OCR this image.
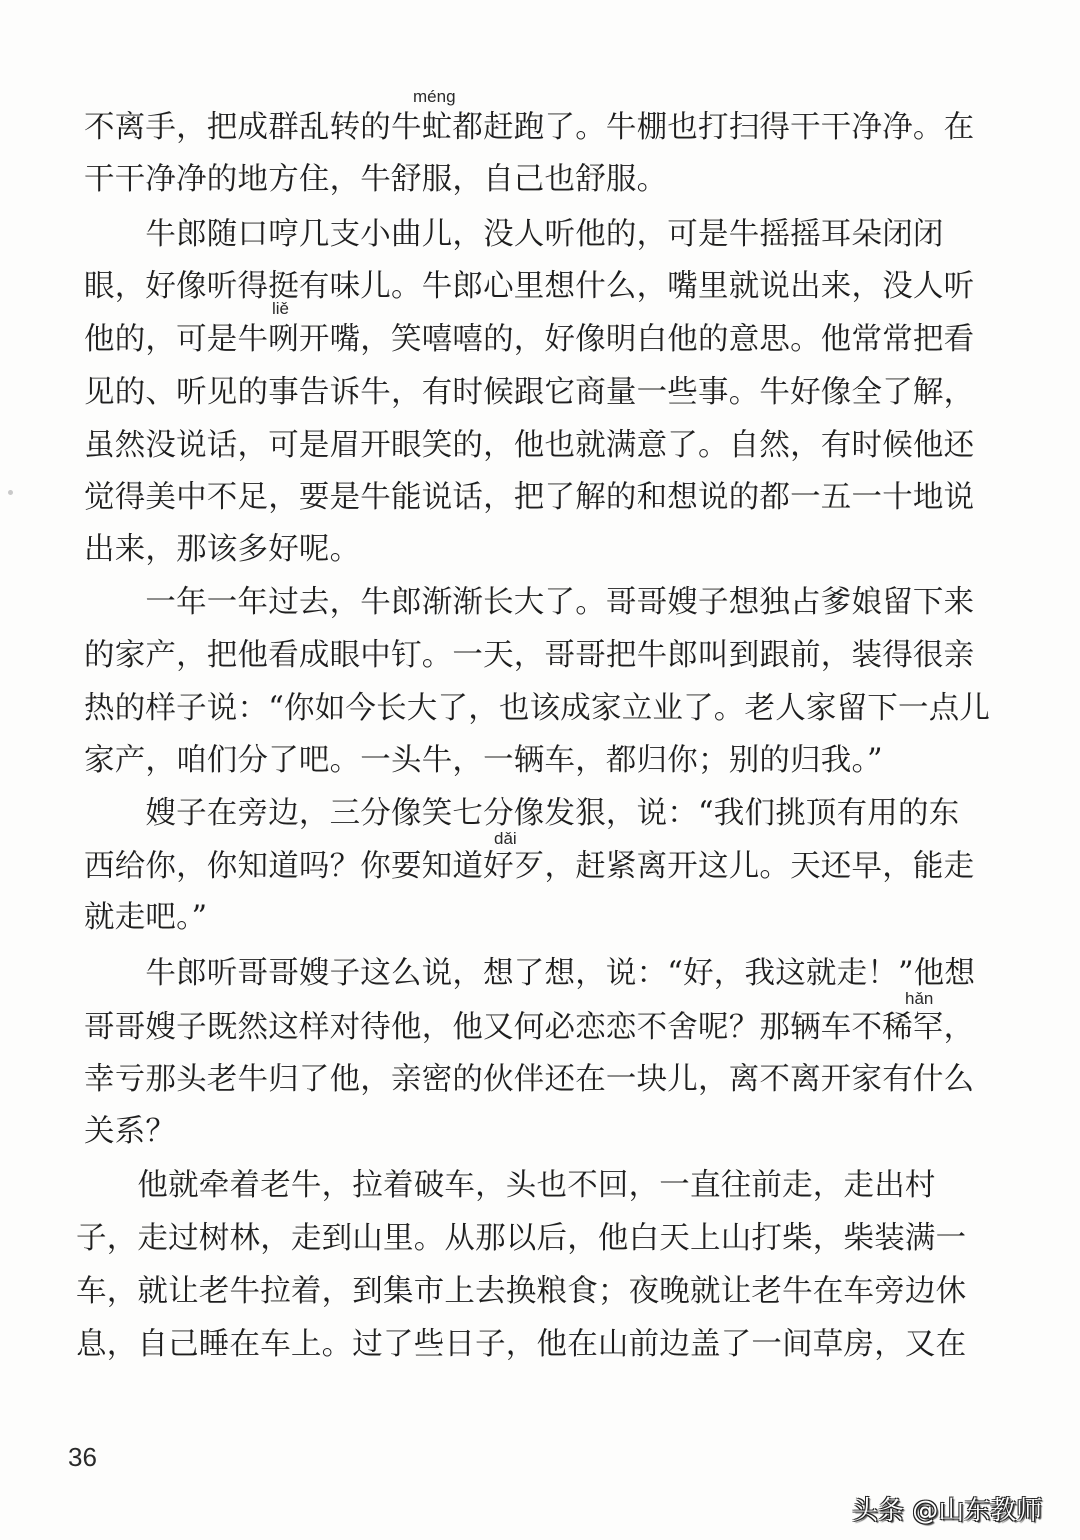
méng
liě
dǎi
hǎn
不离手，把成群乱转的牛虻都赶跑了。牛棚也打扫得干干净净。在
干干净净的地方住，牛舒服，自己也舒服。
　　牛郎随口哼几支小曲儿，没人听他的，可是牛摇摇耳朵闭闭
眼，好像听得挺有味儿。牛郎心里想什么，嘴里就说出来，没人听
他的，可是牛咧开嘴，笑嘻嘻的，好像明白他的意思。他常常把看
见的、听见的事告诉牛，有时候跟它商量一些事。牛好像全了解，
虽然没说话，可是眉开眼笑的，他也就满意了。自然，有时候他还
觉得美中不足，要是牛能说话，把了解的和想说的都一五一十地说
出来，那该多好呢。
　　一年一年过去，牛郎渐渐长大了。哥哥嫂子想独占爹娘留下来
的家产，把他看成眼中钉。一天，哥哥把牛郎叫到跟前，装得很亲
热的样子说：“你如今长大了，也该成家立业了。老人家留下一点儿
家产，咱们分了吧。一头牛，一辆车，都归你；别的归我。”
　　嫂子在旁边，三分像笑七分像发狠，说：“我们挑顶有用的东
西给你，你知道吗？你要知道好歹，赶紧离开这儿。天还早，能走
就走吧。”
　　牛郎听哥哥嫂子这么说，想了想，说：“好，我这就走！”他想
哥哥嫂子既然这样对待他，他又何必恋恋不舍呢？那辆车不稀罕，
幸亏那头老牛归了他，亲密的伙伴还在一块儿，离不离开家有什么
关系？
　　他就牵着老牛，拉着破车，头也不回，一直往前走，走出村
子，走过树林，走到山里。从那以后，他白天上山打柴，柴装满一
车，就让老牛拉着，到集市上去换粮食；夜晚就让老牛在车旁边休
息，自己睡在车上。过了些日子，他在山前边盖了一间草房，又在
36
头条 @山东教师
